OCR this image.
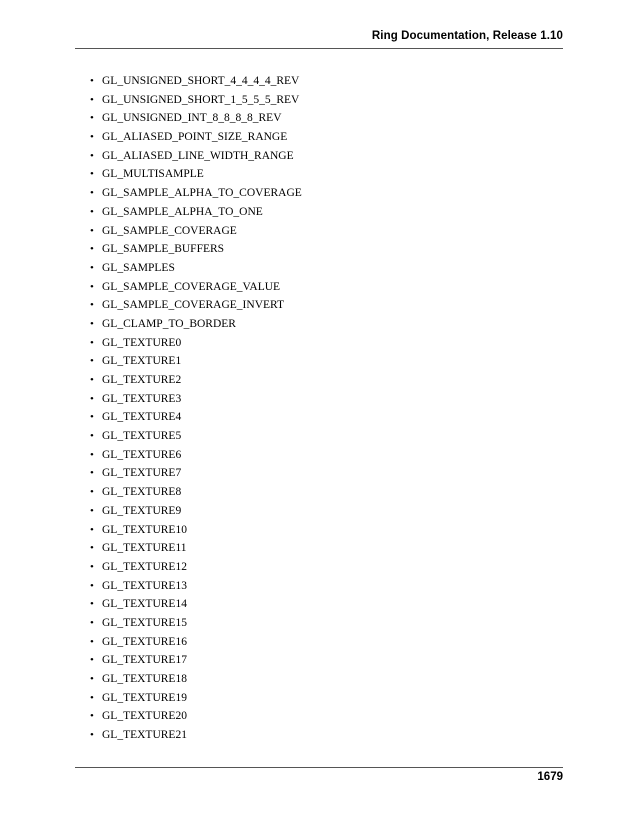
Ring Documentation, Release 1.10
• GL_UNSIGNED_SHORT_4_4_4_4_REV
• GL_UNSIGNED_SHORT_1_5_5_5_REV
• GL_UNSIGNED_INT_8_8_8_8_REV
• GL_ALIASED_POINT_SIZE_RANGE
• GL_ALIASED_LINE_WIDTH_RANGE
• GL_MULTISAMPLE
• GL_SAMPLE_ALPHA_TO_COVERAGE
• GL_SAMPLE_ALPHA_TO_ONE
• GL_SAMPLE_COVERAGE
• GL_SAMPLE_BUFFERS
• GL_SAMPLES
• GL_SAMPLE_COVERAGE_VALUE
• GL_SAMPLE_COVERAGE_INVERT
• GL_CLAMP_TO_BORDER
• GL_TEXTURE0
• GL_TEXTURE1
• GL_TEXTURE2
• GL_TEXTURE3
• GL_TEXTURE4
• GL_TEXTURE5
• GL_TEXTURE6
• GL_TEXTURE7
• GL_TEXTURE8
• GL_TEXTURE9
• GL_TEXTURE10
• GL_TEXTURE11
• GL_TEXTURE12
• GL_TEXTURE13
• GL_TEXTURE14
• GL_TEXTURE15
• GL_TEXTURE16
• GL_TEXTURE17
• GL_TEXTURE18
• GL_TEXTURE19
• GL_TEXTURE20
• GL_TEXTURE21
1679
